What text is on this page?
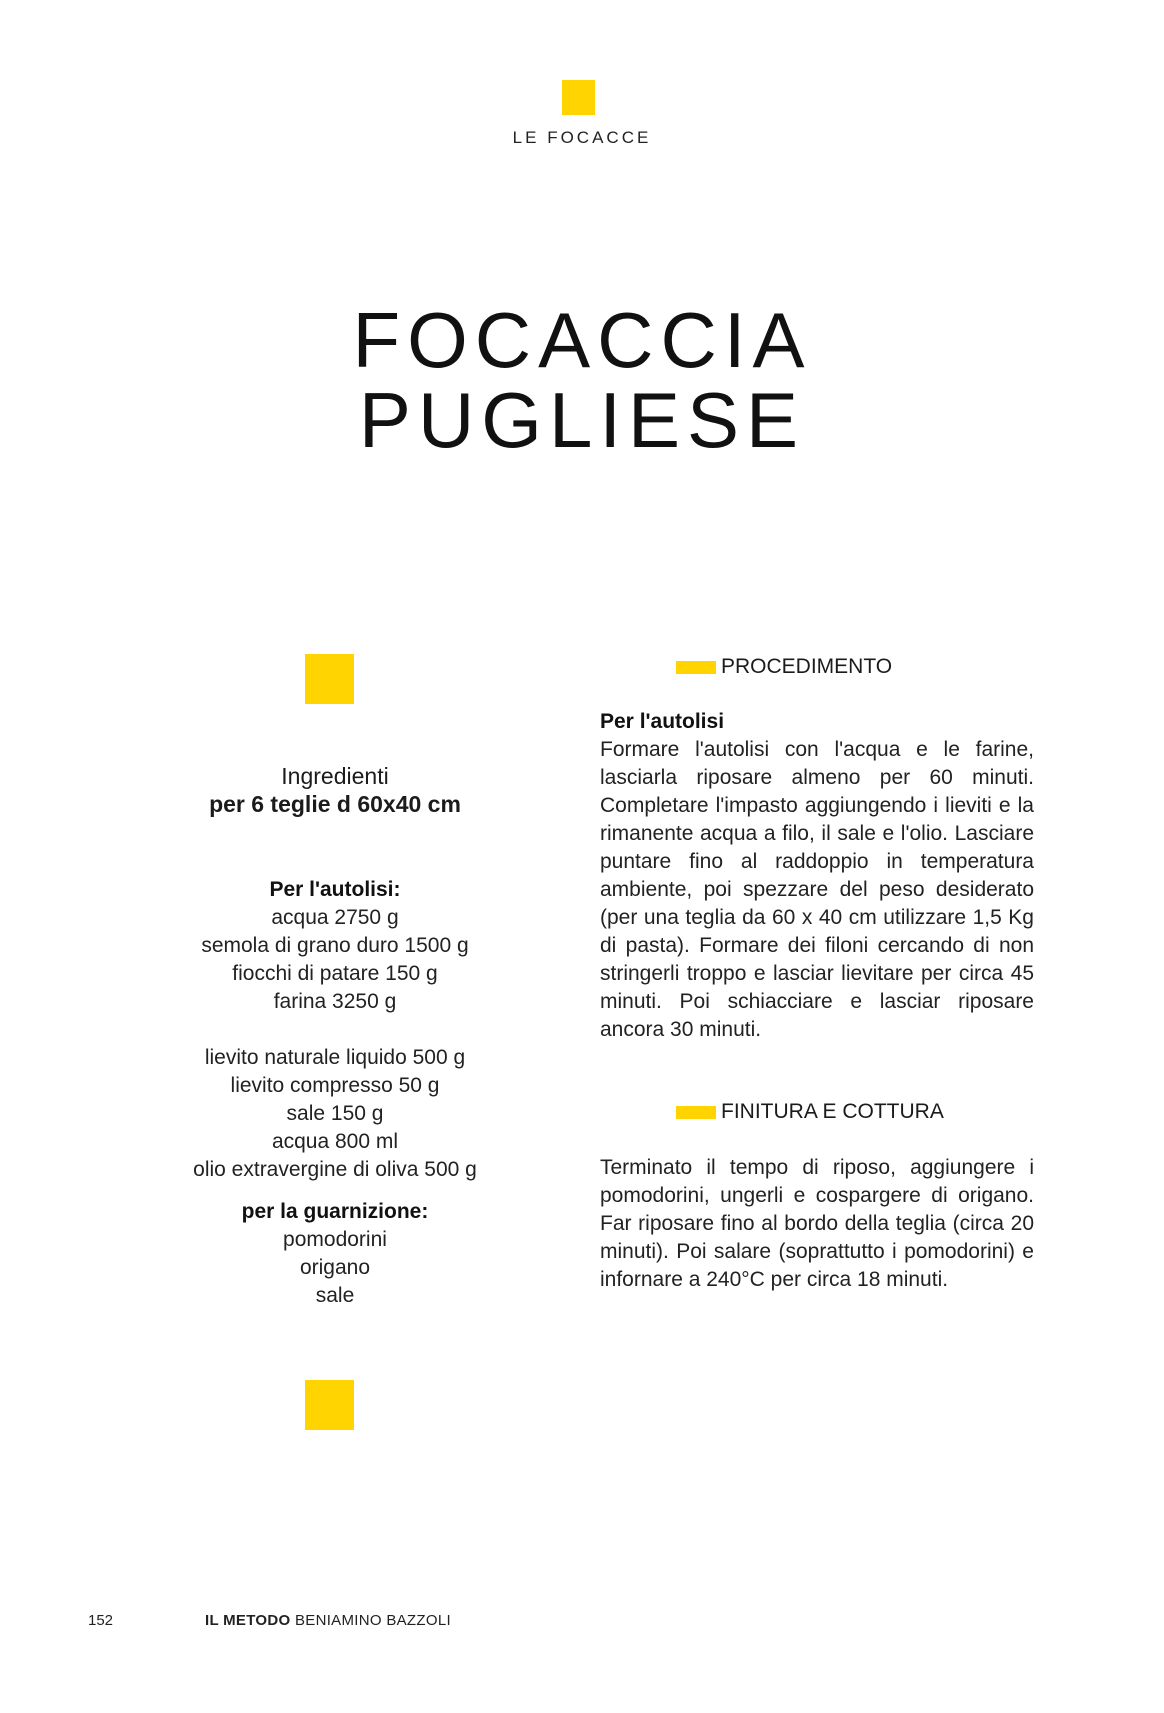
LE FOCACCE
FOCACCIA
PUGLIESE
Ingredienti
per 6 teglie d 60x40 cm
Per l'autolisi:
acqua 2750 g
semola di grano duro 1500 g
fiocchi di patare 150 g
farina 3250 g
lievito naturale liquido 500 g
lievito compresso 50 g
sale 150 g
acqua 800 ml
olio extravergine di oliva 500 g
per la guarnizione:
pomodorini
origano
sale
PROCEDIMENTO
Per l'autolisi
Formare l'autolisi con l'acqua e le farine, lasciarla riposare almeno per 60 minuti. Completare l'impasto aggiungendo i lieviti e la rimanente acqua a filo, il sale e l'olio. Lasciare puntare fino al raddoppio in temperatura ambiente, poi spezzare del peso desiderato (per una teglia da 60 x 40 cm utilizzare 1,5 Kg di pasta). Formare dei filoni cercando di non stringerli troppo e lasciar lievitare per circa 45 minuti. Poi schiacciare e lasciar riposare ancora 30 minuti.
FINITURA E COTTURA
Terminato il tempo di riposo, aggiungere i pomodorini, ungerli e cospargere di origano. Far riposare fino al bordo della teglia (circa 20 minuti). Poi salare (soprattutto i pomodorini) e infornare a 240°C per circa 18 minuti.
152	IL METODO BENIAMINO BAZZOLI
